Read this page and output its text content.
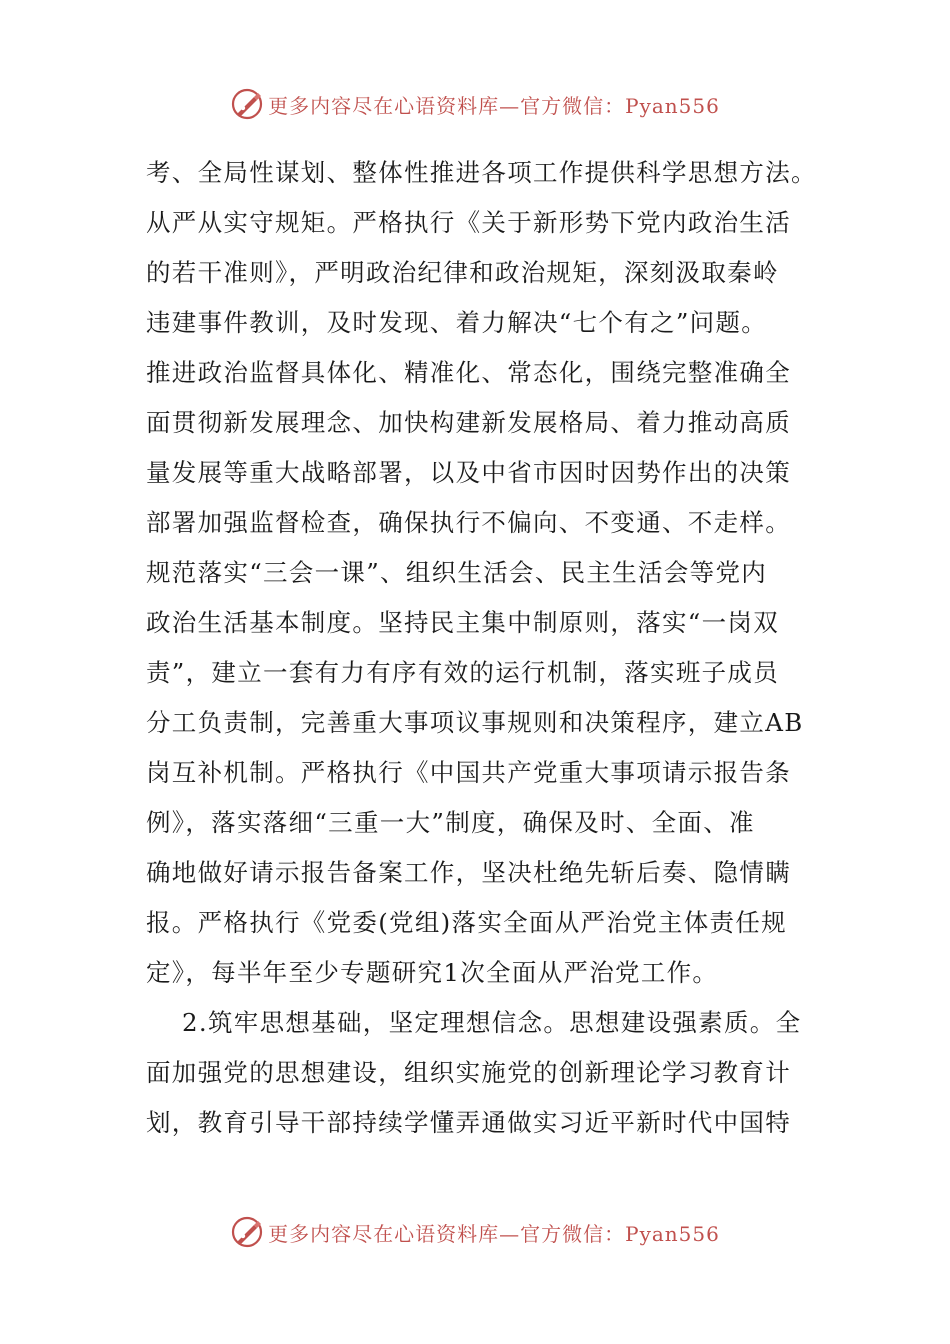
更多内容尽在心语资料库—官方微信：Pyan556
考、全局性谋划、整体性推进各项工作提供科学思想方法。
从严从实守规矩。严格执行《关于新形势下党内政治生活
的若干准则》，严明政治纪律和政治规矩，深刻汲取秦岭
违建事件教训，及时发现、着力解决“七个有之”问题。
推进政治监督具体化、精准化、常态化，围绕完整准确全
面贯彻新发展理念、加快构建新发展格局、着力推动高质
量发展等重大战略部署，以及中省市因时因势作出的决策
部署加强监督检查，确保执行不偏向、不变通、不走样。
规范落实“三会一课”、组织生活会、民主生活会等党内
政治生活基本制度。坚持民主集中制原则，落实“一岗双
责”，建立一套有力有序有效的运行机制，落实班子成员
分工负责制，完善重大事项议事规则和决策程序，建立AB
岗互补机制。严格执行《中国共产党重大事项请示报告条
例》，落实落细“三重一大”制度，确保及时、全面、准
确地做好请示报告备案工作，坚决杜绝先斩后奏、隐情瞒
报。严格执行《党委(党组)落实全面从严治党主体责任规
定》，每半年至少专题研究1次全面从严治党工作。
2.筑牢思想基础，坚定理想信念。思想建设强素质。全
面加强党的思想建设，组织实施党的创新理论学习教育计
划，教育引导干部持续学懂弄通做实习近平新时代中国特
更多内容尽在心语资料库—官方微信：Pyan556
